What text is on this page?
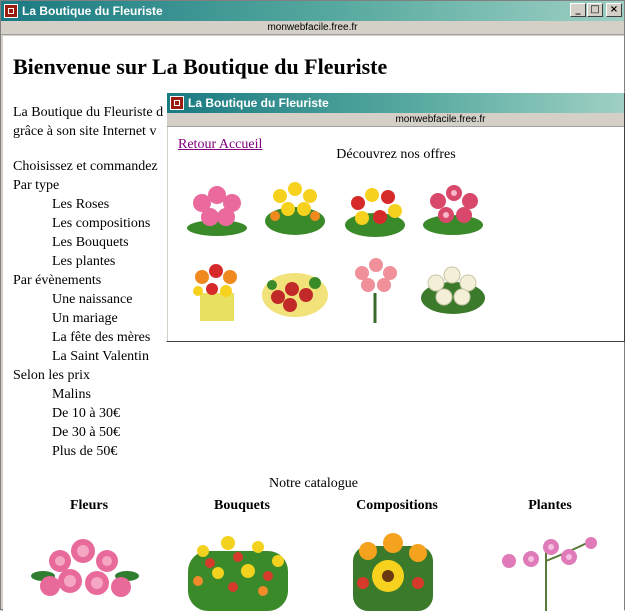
La Boutique du Fleuriste	_ □	×
monwebfacile.free.fr
Bienvenue sur La Boutique du Fleuriste
La Boutique du Fleuriste d
grâce à son site Internet v
Choisissez et commandez
Par type
Les Roses
Les compositions
Les Bouquets
Les plantes
Par évènements
Une naissance
Un mariage
La fête des mères
La Saint Valentin
Selon les prix
Malins
De 10 à 30€
De 30 à 50€
Plus de 50€
Notre catalogue
Fleurs	Bouquets	Compositions	Plantes
La Boutique du Fleuriste
monwebfacile.free.fr
Retour Accueil
Découvrez nos offres
